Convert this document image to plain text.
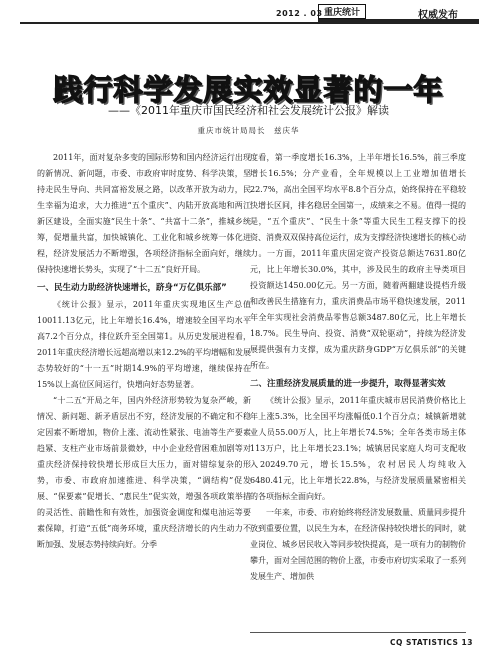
2012 . 03 重庆统计	权威发布
践行科学发展实效显著的一年
——《2011年重庆市国民经济和社会发展统计公报》解读
重庆市统计局局长　兹庆华

2011年，面对复杂多变的国际形势和国内经济运行出现的新情况、新问题，市委、市政府审时度势、科学决策，坚持走民生导向、共同富裕发展之路，以改革开放为动力，民生幸福为追求，大力推进“五个重庆”、内陆开放高地和两江新区建设，全面实施“民生十条”、“共富十二条”，推城乡统筹，促增量共富，加快城镇化、工业化和城乡统筹一体化进程，经济发展活力不断增强，各项经济指标全面向好，继续保持快速增长势头，实现了“十二五”良好开局。

一、民生动力助经济快速增长，跻身“万亿俱乐部”

《统计公报》显示，2011年重庆实现地区生产总值10011.13亿元，比上年增长16.4%，增速较全国平均水平高7.2个百分点，排位跃升至全国第1。从历史发展进程看，2011年重庆经济增长远超高增以来12.2%的平均增幅和发展态势较好的“十一五”时期14.9%的平均增速，继续保持在15%以上高位区间运行，快增向好态势显著。

“十二五”开局之年，国内外经济形势较为复杂严峻，新情况、新问题、新矛盾层出不穷，经济发展的不确定和不稳定因素不断增加，物价上涨、流动性紧张、电油等生产要素趋紧、支柱产业市场前景微妙，中小企业经营困难加剧等对重庆经济保持较快增长形成巨大压力，面对错综复杂的形势，市委、市政府加速推进、科学决策，“调结构”促发展、“保要素”促增长、“惠民生”促实效，增强各项政策举措的灵活性、前瞻性和有效性，加强资金调度和煤电油运等要素保障，打造“五低”商务环境，重庆经济增长的内生动力不断加强、发展态势持续向好。分季

度看，第一季度增长16.3%，上半年增长16.5%，前三季度增长16.5%；分产业看，全年规模以上工业增加值增长22.7%，高出全国平均水平8.8个百分点，始终保持在平稳较快增长区间，排名稳居全国第一，成绩来之不易。值得一提的是，“五个重庆”、“民生十条”等重大民生工程支撑下的投资、消费双双保持高位运行，成为支撑经济快速增长的核心动力。一方面，2011年重庆固定资产投资总额达7631.80亿元，比上年增长30.0%，其中，涉及民生的政府主导类项目投资额达1450.00亿元。另一方面，随着两翻建设提档升级和改善民生措施有力，重庆消费品市场平稳快速发展，2011年全年实现社会消费品零售总额3487.80亿元，比上年增长18.7%。民生导向、投资、消费“双轮驱动”，持续为经济发展提供强有力支撑，成为重庆跻身GDP“万亿俱乐部”的关键所在。

二、注重经济发展质量的进一步提升，取得显著实效

《统计公报》显示，2011年重庆城市居民消费价格比上年上涨5.3%，比全国平均涨幅低0.1个百分点；城镇新增就业人员55.00万人，比上年增长74.5%；全年各类市场主体113万户，比上年增长23.1%；城镇居民家庭人均可支配收入20249.70元，增长15.5%，农村居民人均纯收入6480.41元，比上年增长22.8%，与经济发展质量紧密相关的各项指标全面向好。

一年来，市委、市府始终将经济发展数量、质量同步提升放到重要位置，以民生为本，在经济保持较快增长的同时，就业岗位、城乡居民收入等同步较快提高，是一项有力的制物价攀升，面对全国范围的物价上涨，市委市府切实采取了一系列发展生产、增加供

CQ STATISTICS 13
